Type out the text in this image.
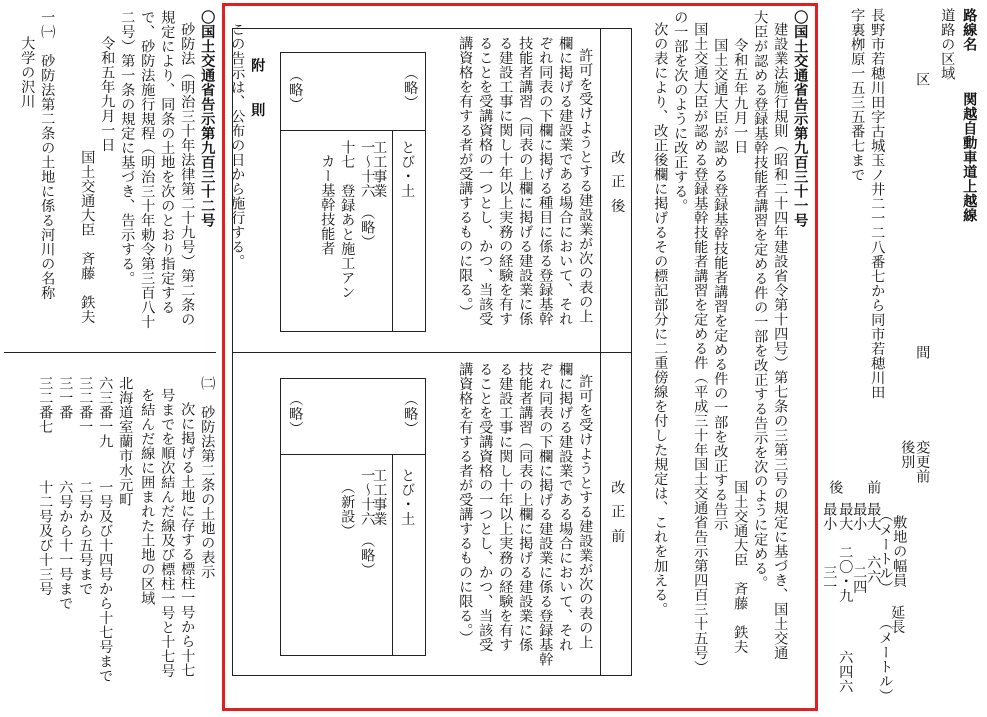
路線名
関越自動車道上越線
道路の区域
区
間
長野市若穂川田字古城玉ノ井二一二八番七から同市若穂川田
字裏栁原一五三五番七まで
変更前
後別
前
後
敷地の幅員
（メートル）
延長
（メートル）
最大
最小
最大
最小
六六
二四
二〇・九
三一
六四六
〇国土交通省告示第九百三十一号
建設業法施行規則（昭和二十四年建設省令第十四号）第七条の三第三号の規定に基づき、国土交通
大臣が認める登録基幹技能者講習を定める件の一部を改正する告示を次のように定める。
令和五年九月一日
国土交通大臣　斉藤　鉄夫
国土交通大臣が認める登録基幹技能者講習を定める件の一部を改正する告示
国土交通大臣が認める登録基幹技能者講習を定める件（平成三十年国土交通省告示第四百三十五号）
の一部を次のように改正する。
次の表により、改正後欄に掲げるその標記部分に二重傍線を付した規定は、これを加える。
改正後
改正前
許可を受けようとする建設業が次の表の上
欄に掲げる建設業である場合において、それ
ぞれ同表の下欄に掲げる種目に係る登録基幹
技能者講習（同表の上欄に掲げる建設業に係
る建設工事に関し十年以上実務の経験を有す
ることを受講資格の一つとし、かつ、当該受
講資格を有する者が受講するものに限る。）
（略）
（略）
とび・土
工工事業
一〜十六　（略）
十七　登録あと施工アン
カー基幹技能者
許可を受けようとする建設業が次の表の上
欄に掲げる建設業である場合において、それ
ぞれ同表の下欄に掲げる建設業に係る登録基幹
技能者講習（同表の上欄に掲げる建設業に係
る建設工事に関し十年以上実務の経験を有す
ることを受講資格の一つとし、かつ、当該受
講資格を有する者が受講するものに限る。）
（略）
（略）
とび・土
工工事業
一〜十六　（略）
（新設）
附　則
この告示は、公布の日から施行する。
〇国土交通省告示第九百三十二号
砂防法（明治三十年法律第二十九号）第二条の
規定により、同条の土地を次のとおり指定する
で、砂防法施行規程（明治三十年勅令第三百八十
二号）第一条の規定に基づき、告示する。
令和五年九月一日
国土交通大臣　斉藤　鉄夫
一㈠　砂防法第二条の土地に係る河川の名称
大学の沢川
㈡　砂防法第二条の土地の表示
次に掲げる土地に存する標柱一号から十七
号までを順次結んだ線及び標柱一号と十七号
を結んだ線に囲まれた土地の区域
北海道室蘭市水元町
六三番一九
一号及び十四号から十七号まで
三二番一
二号から五号まで
三一番
六号から十一号まで
三二番七
十二号及び十三号
